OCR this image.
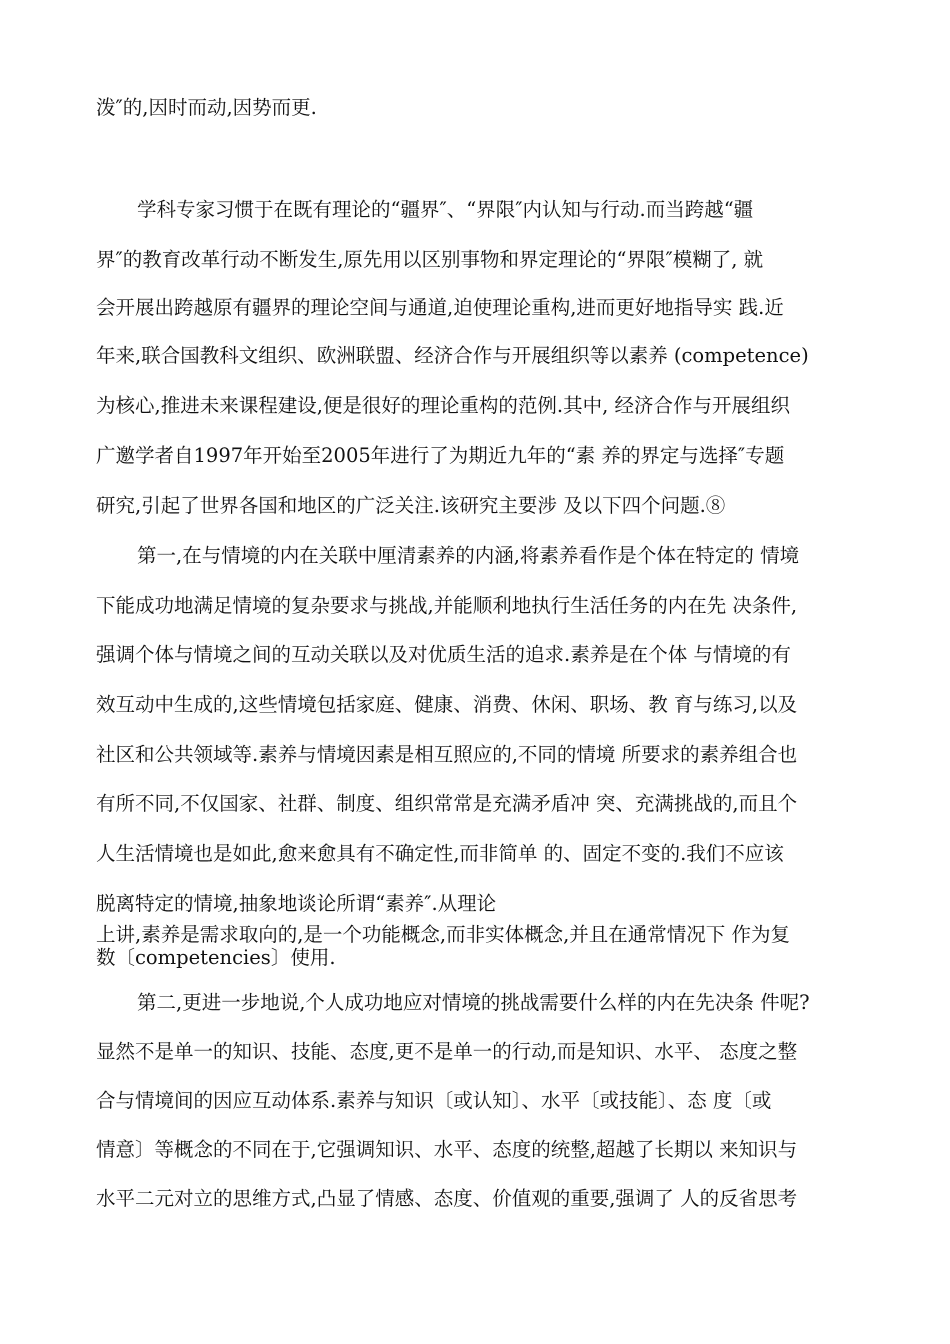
泼″的,因时而动,因势而更.
学科专家习惯于在既有理论的“疆界″、“界限″内认知与行动.而当跨越“疆
界″的教育改革行动不断发生,原先用以区别事物和界定理论的“界限″模糊了, 就
会开展出跨越原有疆界的理论空间与通道,迫使理论重构,进而更好地指导实 践.近
年来,联合国教科文组织、欧洲联盟、经济合作与开展组织等以素养 (competence)
为核心,推进未来课程建设,便是很好的理论重构的范例.其中, 经济合作与开展组织
广邀学者自1997年开始至2005年进行了为期近九年的“素 养的界定与选择″专题
研究,引起了世界各国和地区的广泛关注.该研究主要涉 及以下四个问题.⑧
第一,在与情境的内在关联中厘清素养的内涵,将素养看作是个体在特定的 情境
下能成功地满足情境的复杂要求与挑战,并能顺利地执行生活任务的内在先 决条件,
强调个体与情境之间的互动关联以及对优质生活的追求.素养是在个体 与情境的有
效互动中生成的,这些情境包括家庭、健康、消费、休闲、职场、教 育与练习,以及
社区和公共领域等.素养与情境因素是相互照应的,不同的情境 所要求的素养组合也
有所不同,不仅国家、社群、制度、组织常常是充满矛盾冲 突、充满挑战的,而且个
人生活情境也是如此,愈来愈具有不确定性,而非简单 的、固定不变的.我们不应该
脱离特定的情境,抽象地谈论所谓“素养″.从理论
上讲,素养是需求取向的,是一个功能概念,而非实体概念,并且在通常情况下 作为复
数〔competencies〕使用.
第二,更进一步地说,个人成功地应对情境的挑战需要什么样的内在先决条 件呢?
显然不是单一的知识、技能、态度,更不是单一的行动,而是知识、水平、 态度之整
合与情境间的因应互动体系.素养与知识〔或认知〕、水平〔或技能〕、态 度〔或
情意〕等概念的不同在于,它强调知识、水平、态度的统整,超越了长期以 来知识与
水平二元对立的思维方式,凸显了情感、态度、价值观的重要,强调了 人的反省思考
